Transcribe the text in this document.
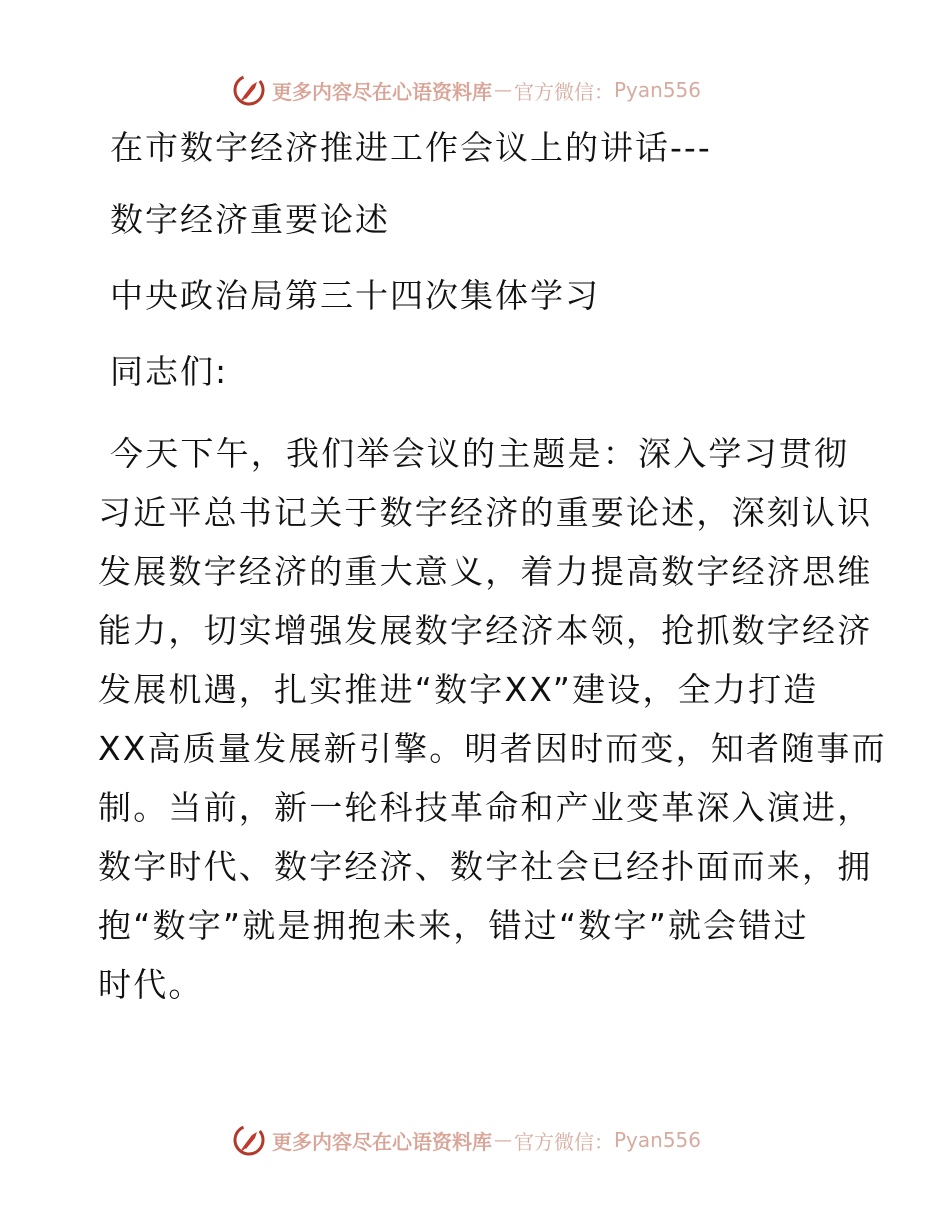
更多内容尽在心语资料库 — 官方微信： Pyan556
在市数字经济推进工作会议上的讲话---
数字经济重要论述
中央政治局第三十四次集体学习
同志们:
今天下午，我们举会议的主题是：深入学习贯彻
习近平总书记关于数字经济的重要论述，深刻认识
发展数字经济的重大意义，着力提高数字经济思维
能力，切实增强发展数字经济本领，抢抓数字经济
发展机遇，扎实推进“数字XX”建设，全力打造
XX高质量发展新引擎。明者因时而变，知者随事而
制。当前，新一轮科技革命和产业变革深入演进，
数字时代、数字经济、数字社会已经扑面而来，拥
抱“数字”就是拥抱未来，错过“数字”就会错过
时代。
更多内容尽在心语资料库 — 官方微信： Pyan556
